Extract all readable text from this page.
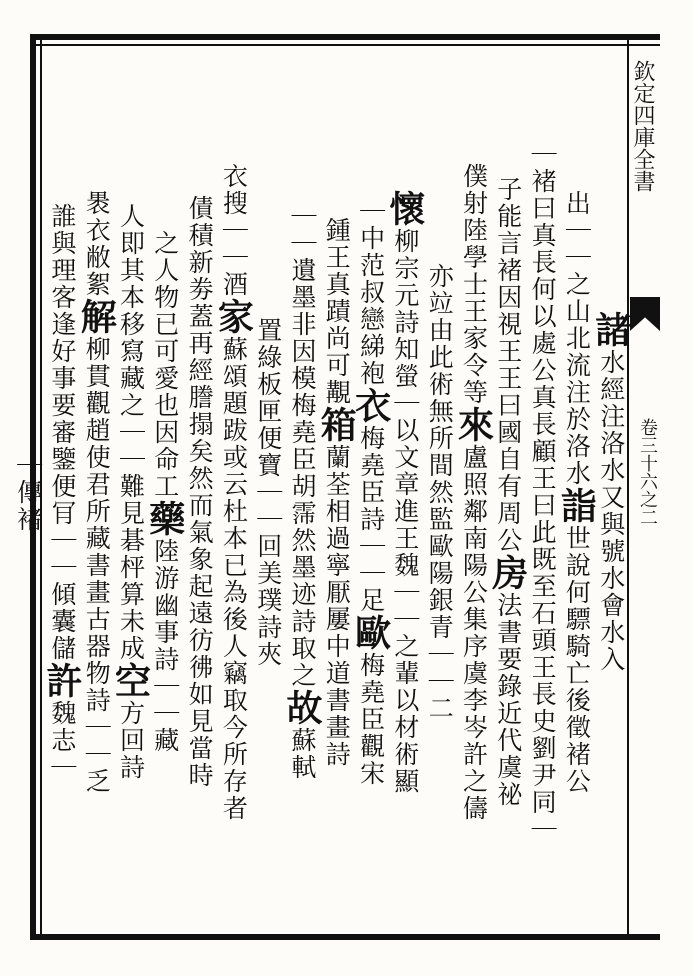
欽定四庫全書
卷三十六之二
諸水經注洛水又與號水會水入
出｜｜之山北流注於洛水詣世說何驃騎亡後徵褚公
｜褚曰真長何以處公真長顧王曰此既至石頭王長史劉尹同｜
子能言褚因視王王曰國自有周公房法書要錄近代虞祕
僕射陸學士王家令等來盧照鄰南陽公集序虞李岑許之儔
亦竝由此術無所間然監歐陽銀青｜｜二
懷柳宗元詩知螢｜以文章進王魏｜｜之輩以材術顯
｜中范叔戀綈袍衣梅堯臣詩｜｜足歐梅堯臣觀宋
鍾王真蹟尚可覯箱蘭荃相過寧厭屢中道書畫詩
｜｜遺墨非因模梅堯臣胡霈然墨迹詩取之故蘇軾
置綠板匣便寶｜｜回美璞詩夾
衣搜｜｜酒家蘇頌題跋或云杜本已為後人竊取今所存者
債積新劵蓋再經謄搨矣然而氣象起遠彷彿如見當時
之人物已可愛也因命工藥陸游幽事詩｜｜藏
人即其本移寫藏之｜｜難見碁枰算未成空方回詩
褁衣敝絮解柳貫觀趙使君所藏書畫古器物詩｜｜乏
誰與理客逢好事要審鑒便肎｜｜傾囊儲許魏志｜
｜傳褚
